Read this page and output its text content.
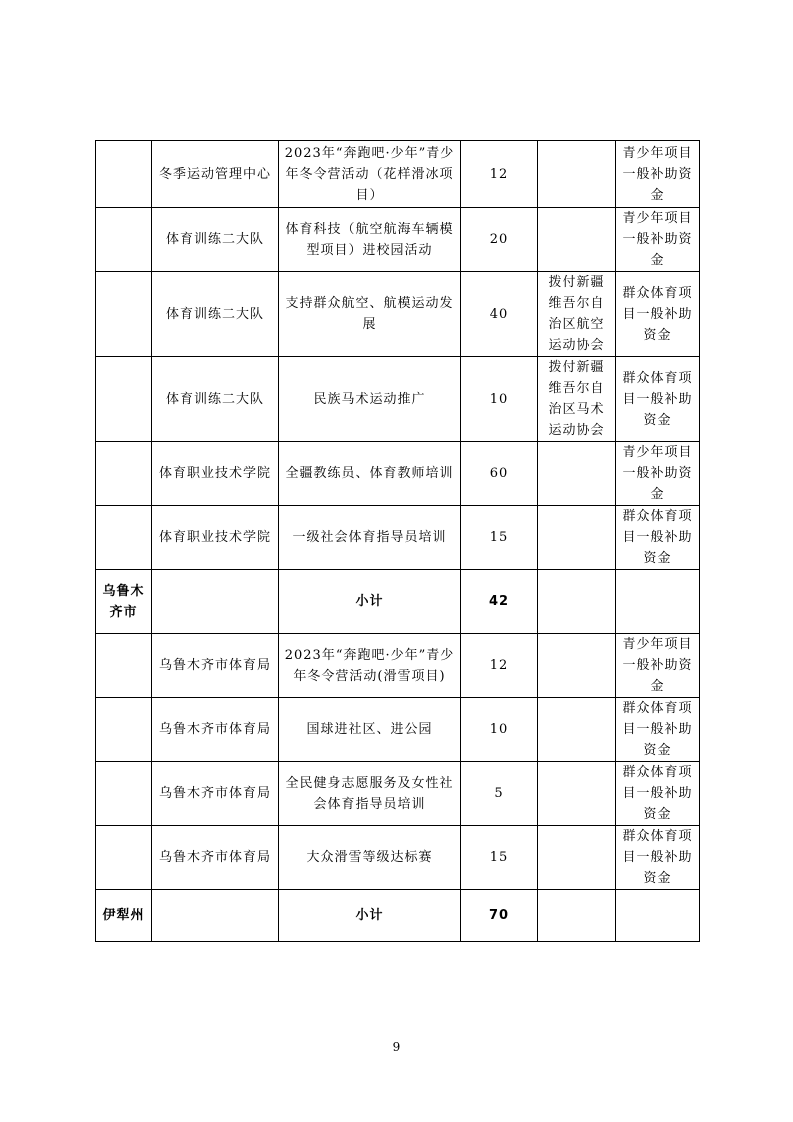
	冬季运动管理中心	2023年“奔跑吧·少年”青少年冬令营活动（花样滑冰项目）	12		青少年项目一般补助资金
	体育训练二大队	体育科技（航空航海车辆模型项目）进校园活动	20		青少年项目一般补助资金
	体育训练二大队	支持群众航空、航模运动发展	40	拨付新疆维吾尔自治区航空运动协会	群众体育项目一般补助资金
	体育训练二大队	民族马术运动推广	10	拨付新疆维吾尔自治区马术运动协会	群众体育项目一般补助资金
	体育职业技术学院	全疆教练员、体育教师培训	60		青少年项目一般补助资金
	体育职业技术学院	一级社会体育指导员培训	15		群众体育项目一般补助资金
乌鲁木齐市		小计	42		
	乌鲁木齐市体育局	2023年“奔跑吧·少年”青少年冬令营活动(滑雪项目)	12		青少年项目一般补助资金
	乌鲁木齐市体育局	国球进社区、进公园	10		群众体育项目一般补助资金
	乌鲁木齐市体育局	全民健身志愿服务及女性社会体育指导员培训	5		群众体育项目一般补助资金
	乌鲁木齐市体育局	大众滑雪等级达标赛	15		群众体育项目一般补助资金
伊犁州		小计	70		
9
